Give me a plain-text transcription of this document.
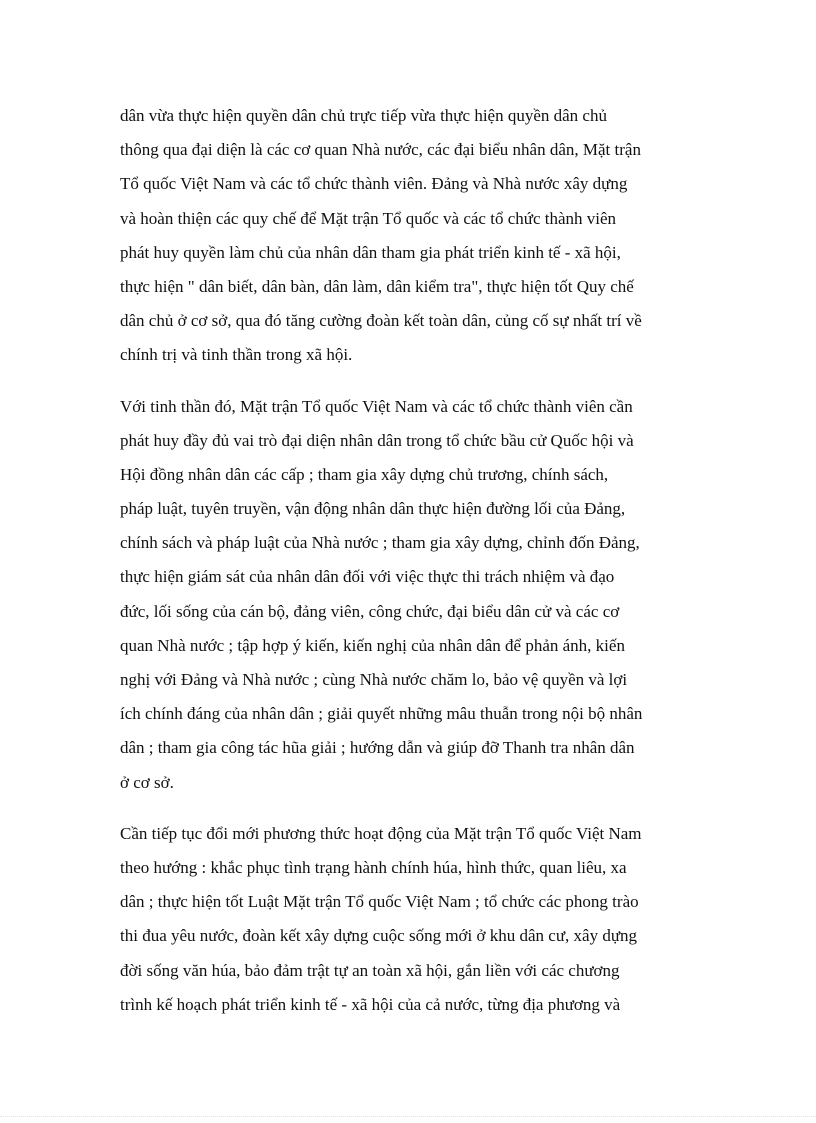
dân vừa thực hiện quyền dân chủ trực tiếp vừa thực hiện quyền dân chủ
thông qua đại diện là các cơ quan Nhà nước, các đại biểu nhân dân, Mặt trận
Tổ quốc Việt Nam và các tổ chức thành viên. Đảng và Nhà nước xây dựng
và hoàn thiện các quy chế để Mặt trận Tổ quốc và các tổ chức thành viên
phát huy quyền làm chủ của nhân dân tham gia phát triển kinh tế - xã hội,
thực hiện " dân biết, dân bàn, dân làm, dân kiểm tra", thực hiện tốt Quy chế
dân chủ ở cơ sở, qua đó tăng cường đoàn kết toàn dân, củng cố sự nhất trí về
chính trị và tinh thần trong xã hội.

Với tinh thần đó, Mặt trận Tổ quốc Việt Nam và các tổ chức thành viên cần
phát huy đầy đủ vai trò đại diện nhân dân trong tổ chức bầu cử Quốc hội và
Hội đồng nhân dân các cấp ; tham gia xây dựng chủ trương, chính sách,
pháp luật, tuyên truyền, vận động nhân dân thực hiện đường lối của Đảng,
chính sách và pháp luật của Nhà nước ; tham gia xây dựng, chỉnh đốn Đảng,
thực hiện giám sát của nhân dân đối với việc thực thi trách nhiệm và đạo
đức, lối sống của cán bộ, đảng viên, công chức, đại biểu dân cử và các cơ
quan Nhà nước ; tập hợp ý kiến, kiến nghị của nhân dân để phản ánh, kiến
nghị với Đảng và Nhà nước ; cùng Nhà nước chăm lo, bảo vệ quyền và lợi
ích chính đáng của nhân dân ; giải quyết những mâu thuẫn trong nội bộ nhân
dân ; tham gia công tác hũa giải ; hướng dẫn và giúp đỡ Thanh tra nhân dân
ở cơ sở.

Cần tiếp tục đổi mới phương thức hoạt động của Mặt trận Tổ quốc Việt Nam
theo hướng : khắc phục tình trạng hành chính húa, hình thức, quan liêu, xa
dân ; thực hiện tốt Luật Mặt trận Tổ quốc Việt Nam ; tổ chức các phong trào
thi đua yêu nước, đoàn kết xây dựng cuộc sống mới ở khu dân cư, xây dựng
đời sống văn húa, bảo đảm trật tự an toàn xã hội, gắn liền với các chương
trình kế hoạch phát triển kinh tế - xã hội của cả nước, từng địa phương và
